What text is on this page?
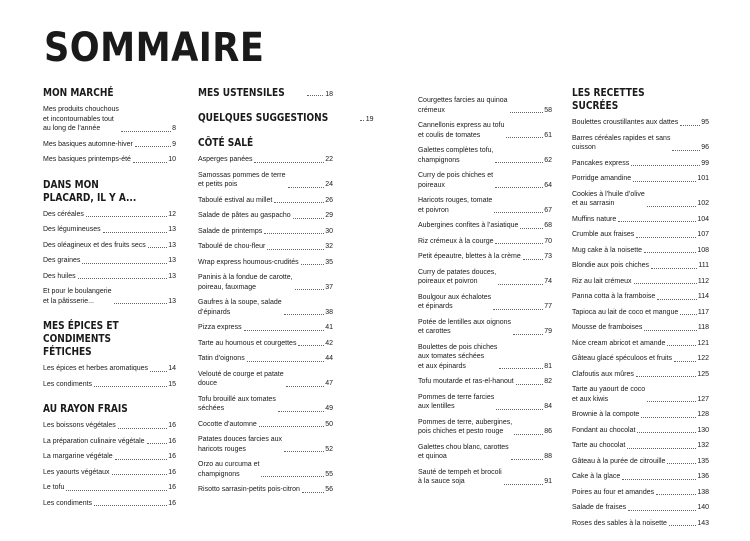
SOMMAIRE
MON MARCHÉ
Mes produits chouchous
et incontournables tout
au long de l’année	8
Mes basiques automne-hiver	9
Mes basiques printemps-été	10
DANS MON PLACARD, IL Y A...
Des céréales	12
Des légumineuses	13
Des oléagineux et des fruits secs	13
Des graines	13
Des huiles	13
Et pour le boulangerie
et la pâtisserie...	13
MES ÉPICES ET
CONDIMENTS FÉTICHES
Les épices et herbes aromatiques	14
Les condiments	15
AU RAYON FRAIS
Les boissons végétales	16
La préparation culinaire végétale	16
La margarine végétale	16
Les yaourts végétaux	16
Le tofu	16
Les condiments	16
MES USTENSILES	18
QUELQUES SUGGESTIONS	19
CÔTÉ SALÉ
Asperges panées	22
Samossas pommes de terre
et petits pois	24
Taboulé estival au millet	26
Salade de pâtes au gaspacho	29
Salade de printemps	30
Taboulé de chou-fleur	32
Wrap express houmous-crudités	35
Paninis à la fondue de carotte,
poireau, fauxmage	37
Gaufres à la soupe, salade
d’épinards	38
Pizza express	41
Tarte au houmous et courgettes	42
Tatin d’oignons	44
Velouté de courge et patate
douce	47
Tofu brouillé aux tomates
séchées	49
Cocotte d’automne	50
Patates douces farcies aux
haricots rouges	52
Orzo au curcuma et
champignons	55
Risotto sarrasin-petits pois-citron	56
Courgettes farcies au quinoa
crémeux	58
Cannellonis express au tofu
et coulis de tomates	61
Galettes complètes tofu,
champignons	62
Curry de pois chiches et
poireaux	64
Haricots rouges, tomate
et poivron	67
Aubergines confites à l’asiatique	68
Riz crémeux à la courge	70
Petit épeautre, blettes à la crème	73
Curry de patates douces,
poireaux et poivron	74
Boulgour aux échalotes
et épinards	77
Potée de lentilles aux oignons
et carottes	79
Boulettes de pois chiches
aux tomates séchées
et aux épinards	81
Tofu moutarde et ras-el-hanout	82
Pommes de terre farcies
aux lentilles	84
Pommes de terre, aubergines,
pois chiches et pesto rouge	86
Galettes chou blanc, carottes
et quinoa	88
Sauté de tempeh et brocoli
à la sauce soja	91
LES RECETTES SUCRÉES
Boulettes croustillantes aux dattes	95
Barres céréales rapides et sans
cuisson	96
Pancakes express	99
Porridge amandine	101
Cookies à l’huile d’olive
et au sarrasin	102
Muffins nature	104
Crumble aux fraises	107
Mug cake à la noisette	108
Blondie aux pois chiches	111
Riz au lait crémeux	112
Panna cotta à la framboise	114
Tapioca au lait de coco et mangue	117
Mousse de framboises	118
Nice cream abricot et amande	121
Gâteau glacé spéculoos et fruits	122
Clafoutis aux mûres	125
Tarte au yaourt de coco
et aux kiwis	127
Brownie à la compote	128
Fondant au chocolat	130
Tarte au chocolat	132
Gâteau à la purée de citrouille	135
Cake à la glace	136
Poires au four et amandes	138
Salade de fraises	140
Roses des sables à la noisette	143
